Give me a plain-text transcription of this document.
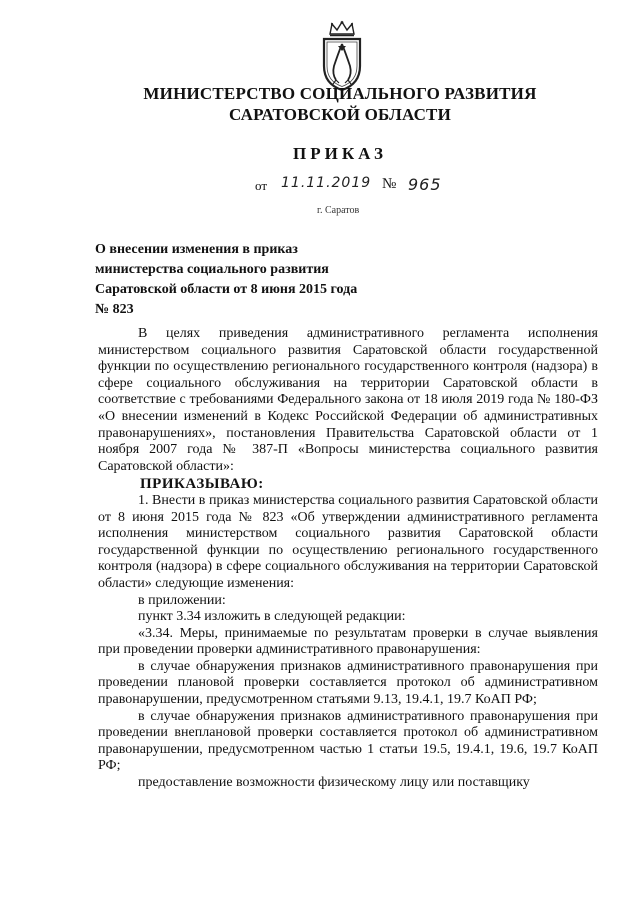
МИНИСТЕРСТВО СОЦИАЛЬНОГО РАЗВИТИЯ
САРАТОВСКОЙ ОБЛАСТИ
ПРИКАЗ
от 11.11.2019 № 965
г. Саратов
О внесении изменения в приказ
министерства социального развития
Саратовской области от 8 июня 2015 года
№ 823

В целях приведения административного регламента исполнения министерством социального развития Саратовской области государственной функции по осуществлению регионального государственного контроля (надзора) в сфере социального обслуживания на территории Саратовской области в соответствие с требованиями Федерального закона от 18 июля 2019 года № 180-ФЗ «О внесении изменений в Кодекс Российской Федерации об административных правонарушениях», постановления Правительства Саратовской области от 1 ноября 2007 года № 387-П «Вопросы министерства социального развития Саратовской области»:

ПРИКАЗЫВАЮ:

1. Внести в приказ министерства социального развития Саратовской области от 8 июня 2015 года № 823 «Об утверждении административного регламента исполнения министерством социального развития Саратовской области государственной функции по осуществлению регионального государственного контроля (надзора) в сфере социального обслуживания на территории Саратовской области» следующие изменения:

в приложении:

пункт 3.34 изложить в следующей редакции:

«3.34. Меры, принимаемые по результатам проверки в случае выявления при проведении проверки административного правонарушения:

в случае обнаружения признаков административного правонарушения при проведении плановой проверки составляется протокол об административном правонарушении, предусмотренном статьями 9.13, 19.4.1, 19.7 КоАП РФ;

в случае обнаружения признаков административного правонарушения при проведении внеплановой проверки составляется протокол об административном правонарушении, предусмотренном частью 1 статьи 19.5, 19.4.1, 19.6, 19.7 КоАП РФ;

предоставление возможности физическому лицу или поставщику
